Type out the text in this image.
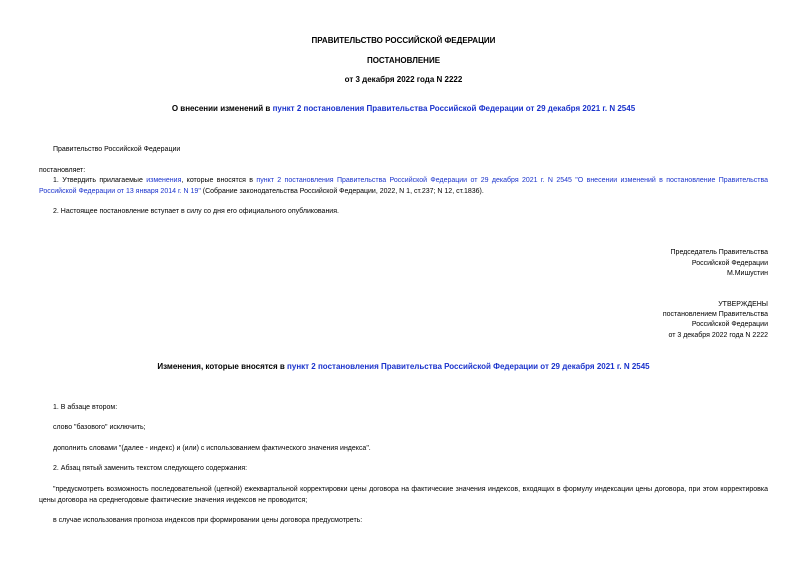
ПРАВИТЕЛЬСТВО РОССИЙСКОЙ ФЕДЕРАЦИИ
ПОСТАНОВЛЕНИЕ
от 3 декабря 2022 года N 2222
О внесении изменений в пункт 2 постановления Правительства Российской Федерации от 29 декабря 2021 г. N 2545
Правительство Российской Федерации
постановляет:
1. Утвердить прилагаемые изменения, которые вносятся в пункт 2 постановления Правительства Российской Федерации от 29 декабря 2021 г. N 2545 "О внесении изменений в постановление Правительства Российской Федерации от 13 января 2014 г. N 19" (Собрание законодательства Российской Федерации, 2022, N 1, ст.237; N 12, ст.1836).
2. Настоящее постановление вступает в силу со дня его официального опубликования.
Председатель Правительства
Российской Федерации
М.Мишустин
УТВЕРЖДЕНЫ
постановлением Правительства
Российской Федерации
от 3 декабря 2022 года N 2222
Изменения, которые вносятся в пункт 2 постановления Правительства Российской Федерации от 29 декабря 2021 г. N 2545
1. В абзаце втором:
слово "базового" исключить;
дополнить словами "(далее - индекс) и (или) с использованием фактического значения индекса".
2. Абзац пятый заменить текстом следующего содержания:
"предусмотреть возможность последовательной (цепной) ежеквартальной корректировки цены договора на фактические значения индексов, входящих в формулу индексации цены договора, при этом корректировка цены договора на среднегодовые фактические значения индексов не проводится;
в случае использования прогноза индексов при формировании цены договора предусмотреть:
